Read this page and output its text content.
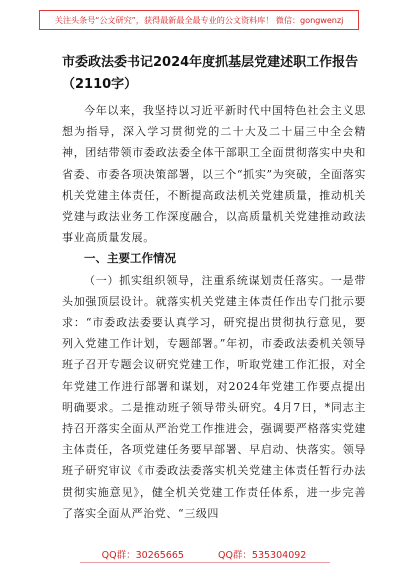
关注头条号“公文研究”，获得最新最全最专业的公文资料库！ 微信：gongwenzj

市委政法委书记2024年度抓基层党建述职工作报告（2110字）

今年以来，我坚持以习近平新时代中国特色社会主义思想为指导，深入学习贯彻党的二十大及二十届三中全会精神，团结带领市委政法委全体干部职工全面贯彻落实中央和省委、市委各项决策部署，以三个“抓实”为突破，全面落实机关党建主体责任，不断提高政法机关党建质量，推动机关党建与政法业务工作深度融合，以高质量机关党建推动政法事业高质量发展。

一、主要工作情况

（一）抓实组织领导，注重系统谋划责任落实。一是带头加强顶层设计。就落实机关党建主体责任作出专门批示要求：“市委政法委要认真学习，研究提出贯彻执行意见，要列入党建工作计划，专题部署。”年初，市委政法委机关领导班子召开专题会议研究党建工作，听取党建工作汇报，对全年党建工作进行部署和谋划，对2024年党建工作要点提出明确要求。二是推动班子领导带头研究。4月7日，*同志主持召开落实全面从严治党工作推进会，强调要严格落实党建主体责任，各项党建任务要早部署、早启动、快落实。领导班子研究审议《市委政法委落实机关党建主体责任暂行办法贯彻实施意见》，健全机关党建工作责任体系，进一步完善了落实全面从严治党、“三级四

QQ群：30265665	QQ群：535304092
